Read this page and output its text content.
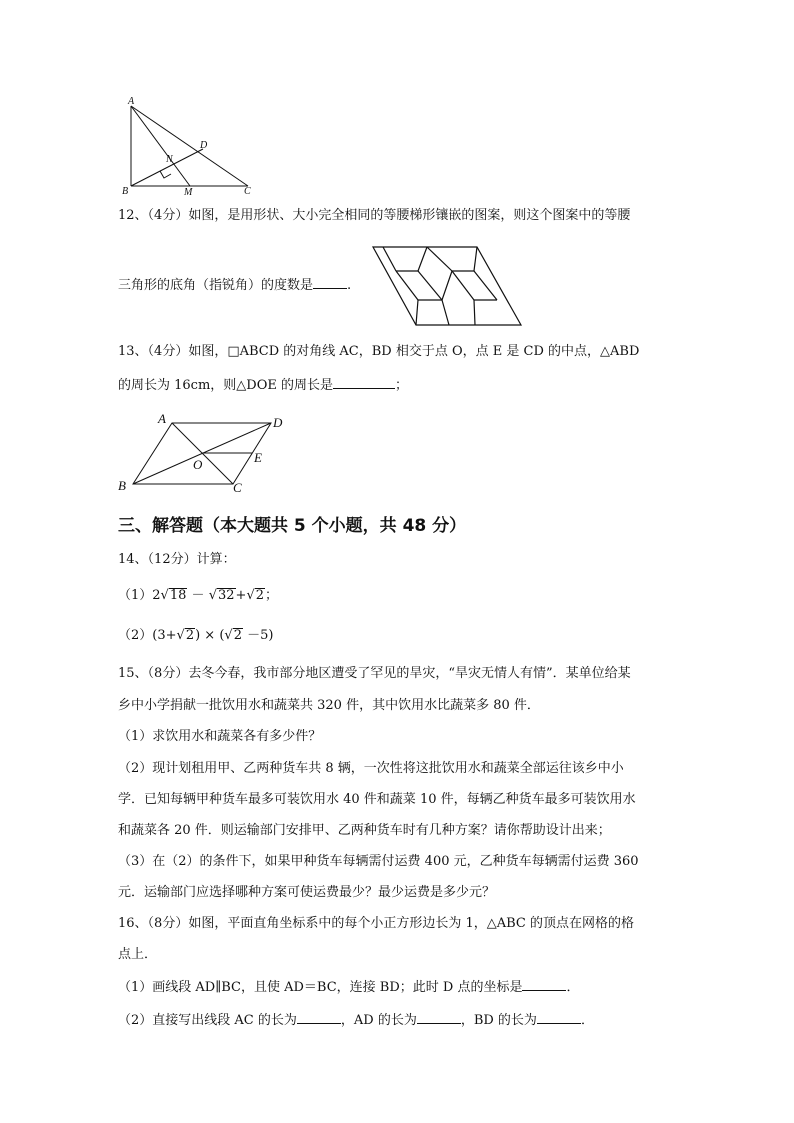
A
B	C
D
N
M
12、（4分）如图，是用形状、大小完全相同的等腰梯形镶嵌的图案，则这个图案中的等腰
三角形的底角（指锐角）的度数是	.
13、（4分）如图，□ABCD 的对角线 AC，BD 相交于点 O，点 E 是 CD 的中点，△ABD
的周长为 16cm，则△DOE 的周长是	；
A	D
B	C
O	E
三、解答题（本大题共 5 个小题，共 48 分）
14、（12分）计算：
（1）2√18 － √32+√2；
（2）(3+√2) × (√2 －5)
15、（8分）去冬今春，我市部分地区遭受了罕见的旱灾，“旱灾无情人有情”．某单位给某
乡中小学捐献一批饮用水和蔬菜共 320 件，其中饮用水比蔬菜多 80 件．
（1）求饮用水和蔬菜各有多少件？
（2）现计划租用甲、乙两种货车共 8 辆，一次性将这批饮用水和蔬菜全部运往该乡中小
学．已知每辆甲种货车最多可装饮用水 40 件和蔬菜 10 件，每辆乙种货车最多可装饮用水
和蔬菜各 20 件．则运输部门安排甲、乙两种货车时有几种方案？请你帮助设计出来；
（3）在（2）的条件下，如果甲种货车每辆需付运费 400 元，乙种货车每辆需付运费 360
元．运输部门应选择哪种方案可使运费最少？最少运费是多少元？
16、（8分）如图，平面直角坐标系中的每个小正方形边长为 1，△ABC 的顶点在网格的格
点上．
（1）画线段 AD∥BC，且使 AD＝BC，连接 BD；此时 D 点的坐标是	．
（2）直接写出线段 AC 的长为	，AD 的长为	，BD 的长为	．
